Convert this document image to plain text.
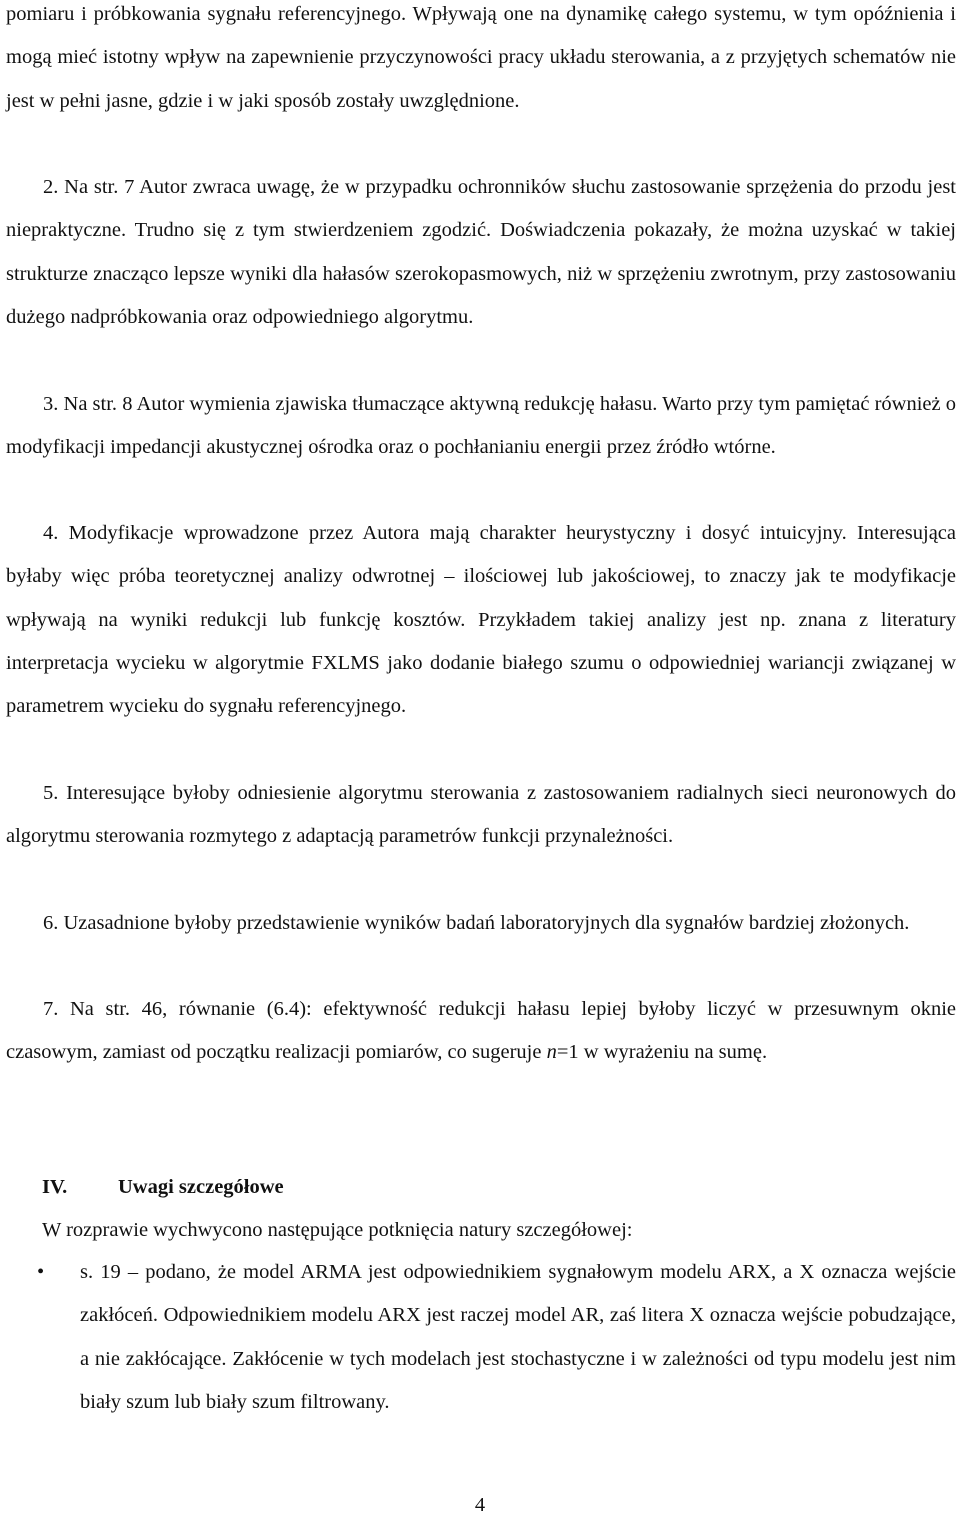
pomiaru i próbkowania sygnału referencyjnego. Wpływają one na dynamikę całego systemu, w tym opóźnienia i mogą mieć istotny wpływ na zapewnienie przyczynowości pracy układu sterowania, a z przyjętych schematów nie jest w pełni jasne, gdzie i w jaki sposób zostały uwzględnione.

2. Na str. 7 Autor zwraca uwagę, że w przypadku ochronników słuchu zastosowanie sprzężenia do przodu jest niepraktyczne. Trudno się z tym stwierdzeniem zgodzić. Doświadczenia pokazały, że można uzyskać w takiej strukturze znacząco lepsze wyniki dla hałasów szerokopasmowych, niż w sprzężeniu zwrotnym, przy zastosowaniu dużego nadpróbkowania oraz odpowiedniego algorytmu.

3. Na str. 8 Autor wymienia zjawiska tłumaczące aktywną redukcję hałasu. Warto przy tym pamiętać również o modyfikacji impedancji akustycznej ośrodka oraz o pochłanianiu energii przez źródło wtórne.

4. Modyfikacje wprowadzone przez Autora mają charakter heurystyczny i dosyć intuicyjny. Interesująca byłaby więc próba teoretycznej analizy odwrotnej – ilościowej lub jakościowej, to znaczy jak te modyfikacje wpływają na wyniki redukcji lub funkcję kosztów. Przykładem takiej analizy jest np. znana z literatury interpretacja wycieku w algorytmie FXLMS jako dodanie białego szumu o odpowiedniej wariancji związanej w parametrem wycieku do sygnału referencyjnego.

5. Interesujące byłoby odniesienie algorytmu sterowania z zastosowaniem radialnych sieci neuronowych do algorytmu sterowania rozmytego z adaptacją parametrów funkcji przynależności.

6. Uzasadnione byłoby przedstawienie wyników badań laboratoryjnych dla sygnałów bardziej złożonych.

7. Na str. 46, równanie (6.4): efektywność redukcji hałasu lepiej byłoby liczyć w przesuwnym oknie czasowym, zamiast od początku realizacji pomiarów, co sugeruje n=1 w wyrażeniu na sumę.

IV. Uwagi szczegółowe

W rozprawie wychwycono następujące potknięcia natury szczegółowej:

• s. 19 – podano, że model ARMA jest odpowiednikiem sygnałowym modelu ARX, a X oznacza wejście zakłóceń. Odpowiednikiem modelu ARX jest raczej model AR, zaś litera X oznacza wejście pobudzające, a nie zakłócające. Zakłócenie w tych modelach jest stochastyczne i w zależności od typu modelu jest nim biały szum lub biały szum filtrowany.

4
